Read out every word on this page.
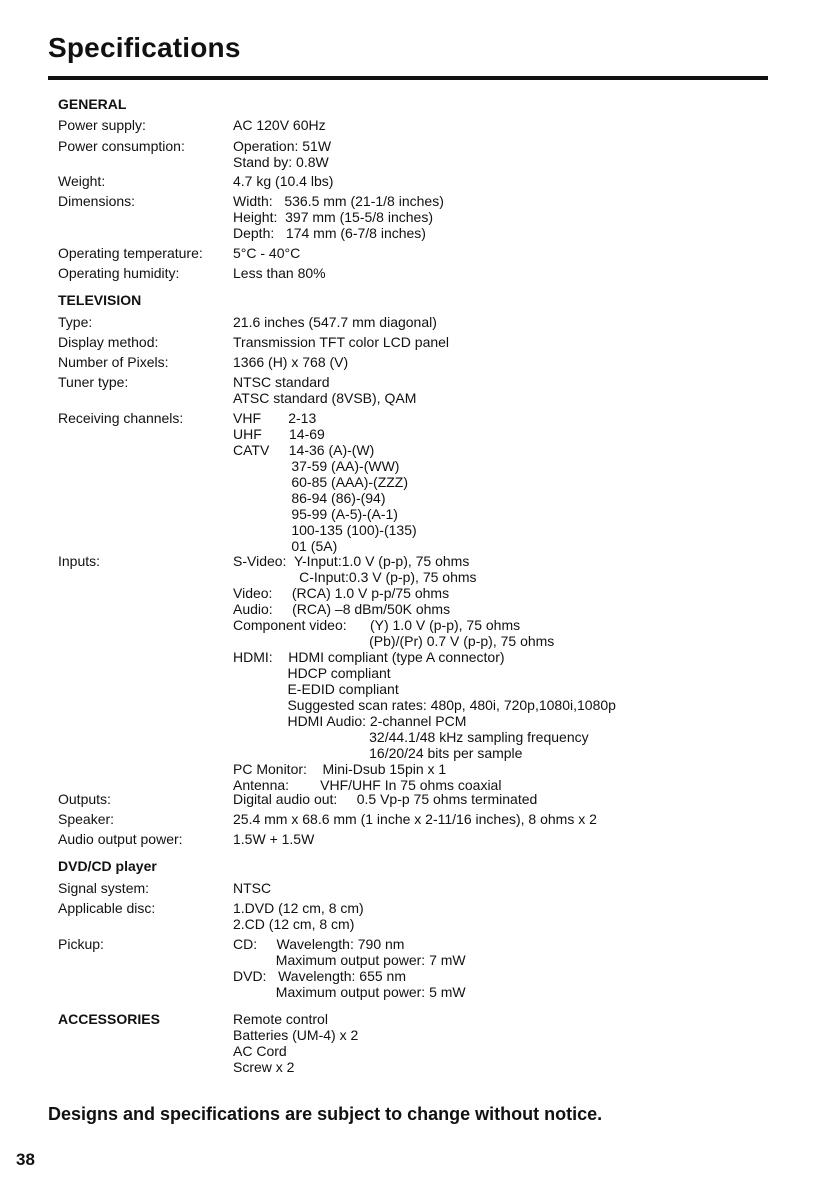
Specifications
GENERAL
Power supply:	AC 120V 60Hz
Power consumption:	Operation: 51W
Stand by: 0.8W
Weight:	4.7 kg (10.4 lbs)
Dimensions:	Width:   536.5 mm (21-1/8 inches)
Height:  397 mm (15-5/8 inches)
Depth:   174 mm (6-7/8 inches)
Operating temperature: 5°C - 40°C
Operating humidity:	Less than 80%
TELEVISION
Type:	21.6 inches (547.7 mm diagonal)
Display method:	Transmission TFT color LCD panel
Number of Pixels:	1366 (H) x 768 (V)
Tuner type:	NTSC standard
ATSC standard (8VSB), QAM
Receiving channels:	VHF       2-13
UHF       14-69
CATV     14-36 (A)-(W)
37-59 (AA)-(WW)
60-85 (AAA)-(ZZZ)
86-94 (86)-(94)
95-99 (A-5)-(A-1)
100-135 (100)-(135)
01 (5A)
Inputs:	S-Video:  Y-Input:1.0 V (p-p), 75 ohms
C-Input:0.3 V (p-p), 75 ohms
Video:     (RCA) 1.0 V p-p/75 ohms
Audio:     (RCA) –8 dBm/50K ohms
Component video:      (Y) 1.0 V (p-p), 75 ohms
(Pb)/(Pr) 0.7 V (p-p), 75 ohms
HDMI:    HDMI compliant (type A connector)
HDCP compliant
E-EDID compliant
Suggested scan rates: 480p, 480i, 720p,1080i,1080p
HDMI Audio: 2-channel PCM
32/44.1/48 kHz sampling frequency
16/20/24 bits per sample
PC Monitor:    Mini-Dsub 15pin x 1
Antenna:        VHF/UHF In 75 ohms coaxial
Outputs:	Digital audio out:     0.5 Vp-p 75 ohms terminated
Speaker:	25.4 mm x 68.6 mm (1 inche x 2-11/16 inches), 8 ohms x 2
Audio output power:	1.5W + 1.5W
DVD/CD player
Signal system:	NTSC
Applicable disc:	1.DVD (12 cm, 8 cm)
2.CD (12 cm, 8 cm)
Pickup:	CD:     Wavelength: 790 nm
Maximum output power: 7 mW
DVD:   Wavelength: 655 nm
Maximum output power: 5 mW
ACCESSORIES	Remote control
Batteries (UM-4) x 2
AC Cord
Screw x 2
Designs and specifications are subject to change without notice.
38
